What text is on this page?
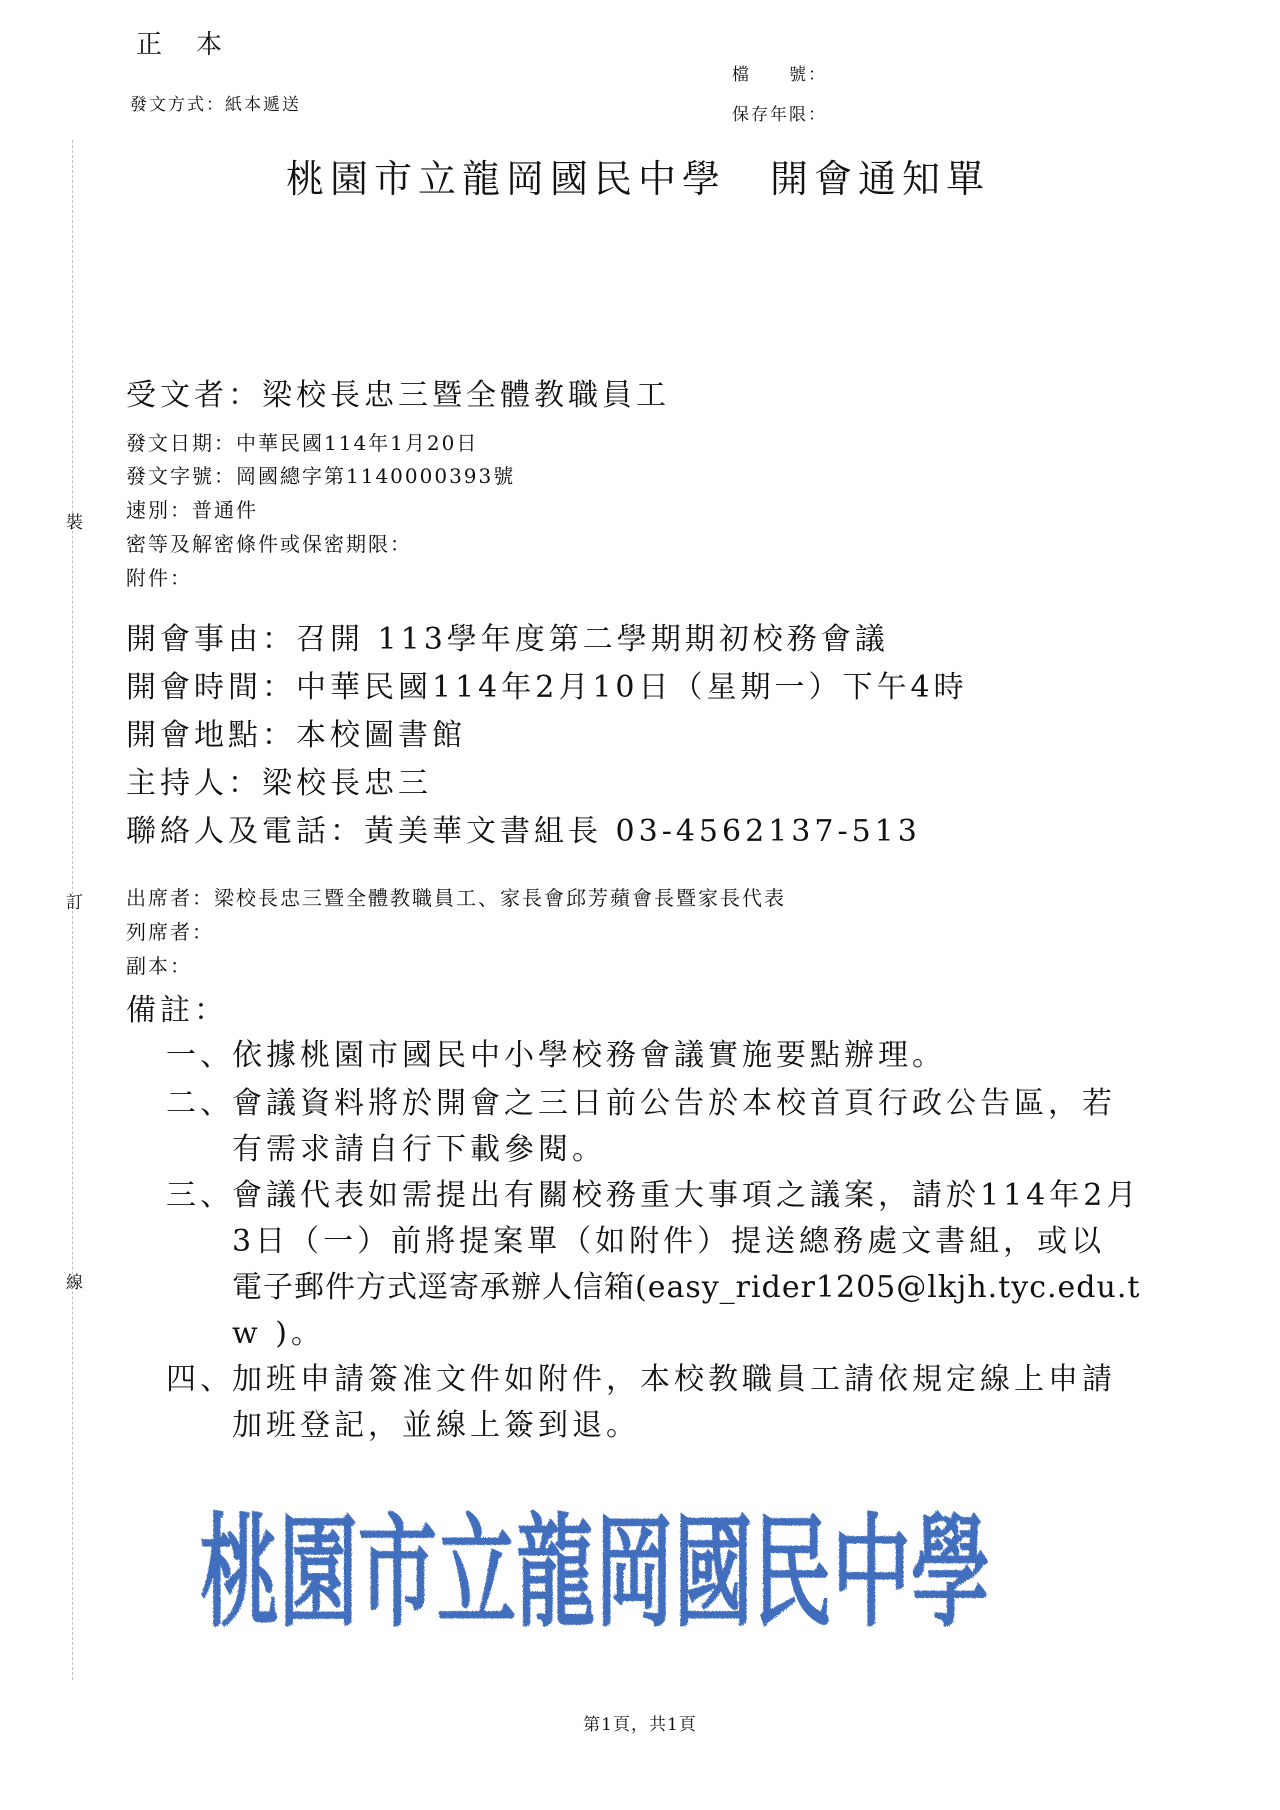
裝
訂
線
正　本
發文方式：紙本遞送
檔　　號：
保存年限：
桃園市立龍岡國民中學　開會通知單
受文者：梁校長忠三暨全體教職員工
發文日期：中華民國114年1月20日
發文字號：岡國總字第1140000393號
速別：普通件
密等及解密條件或保密期限：
附件：
開會事由：召開 113學年度第二學期期初校務會議
開會時間：中華民國114年2月10日（星期一）下午4時
開會地點：本校圖書館
主持人：梁校長忠三
聯絡人及電話：黃美華文書組長 03-4562137-513
出席者：梁校長忠三暨全體教職員工、家長會邱芳蘋會長暨家長代表
列席者：
副本：
備註：
一、
依據桃園市國民中小學校務會議實施要點辦理。
二、
會議資料將於開會之三日前公告於本校首頁行政公告區，若
有需求請自行下載參閱。
三、
會議代表如需提出有關校務重大事項之議案，請於114年2月
3日（一）前將提案單（如附件）提送總務處文書組，或以
電子郵件方式逕寄承辦人信箱(easy_rider1205@lkjh.tyc.edu.t
w )。
四、
加班申請簽准文件如附件，本校教職員工請依規定線上申請
加班登記，並線上簽到退。
桃園市立龍岡國民中學
第1頁，共1頁
